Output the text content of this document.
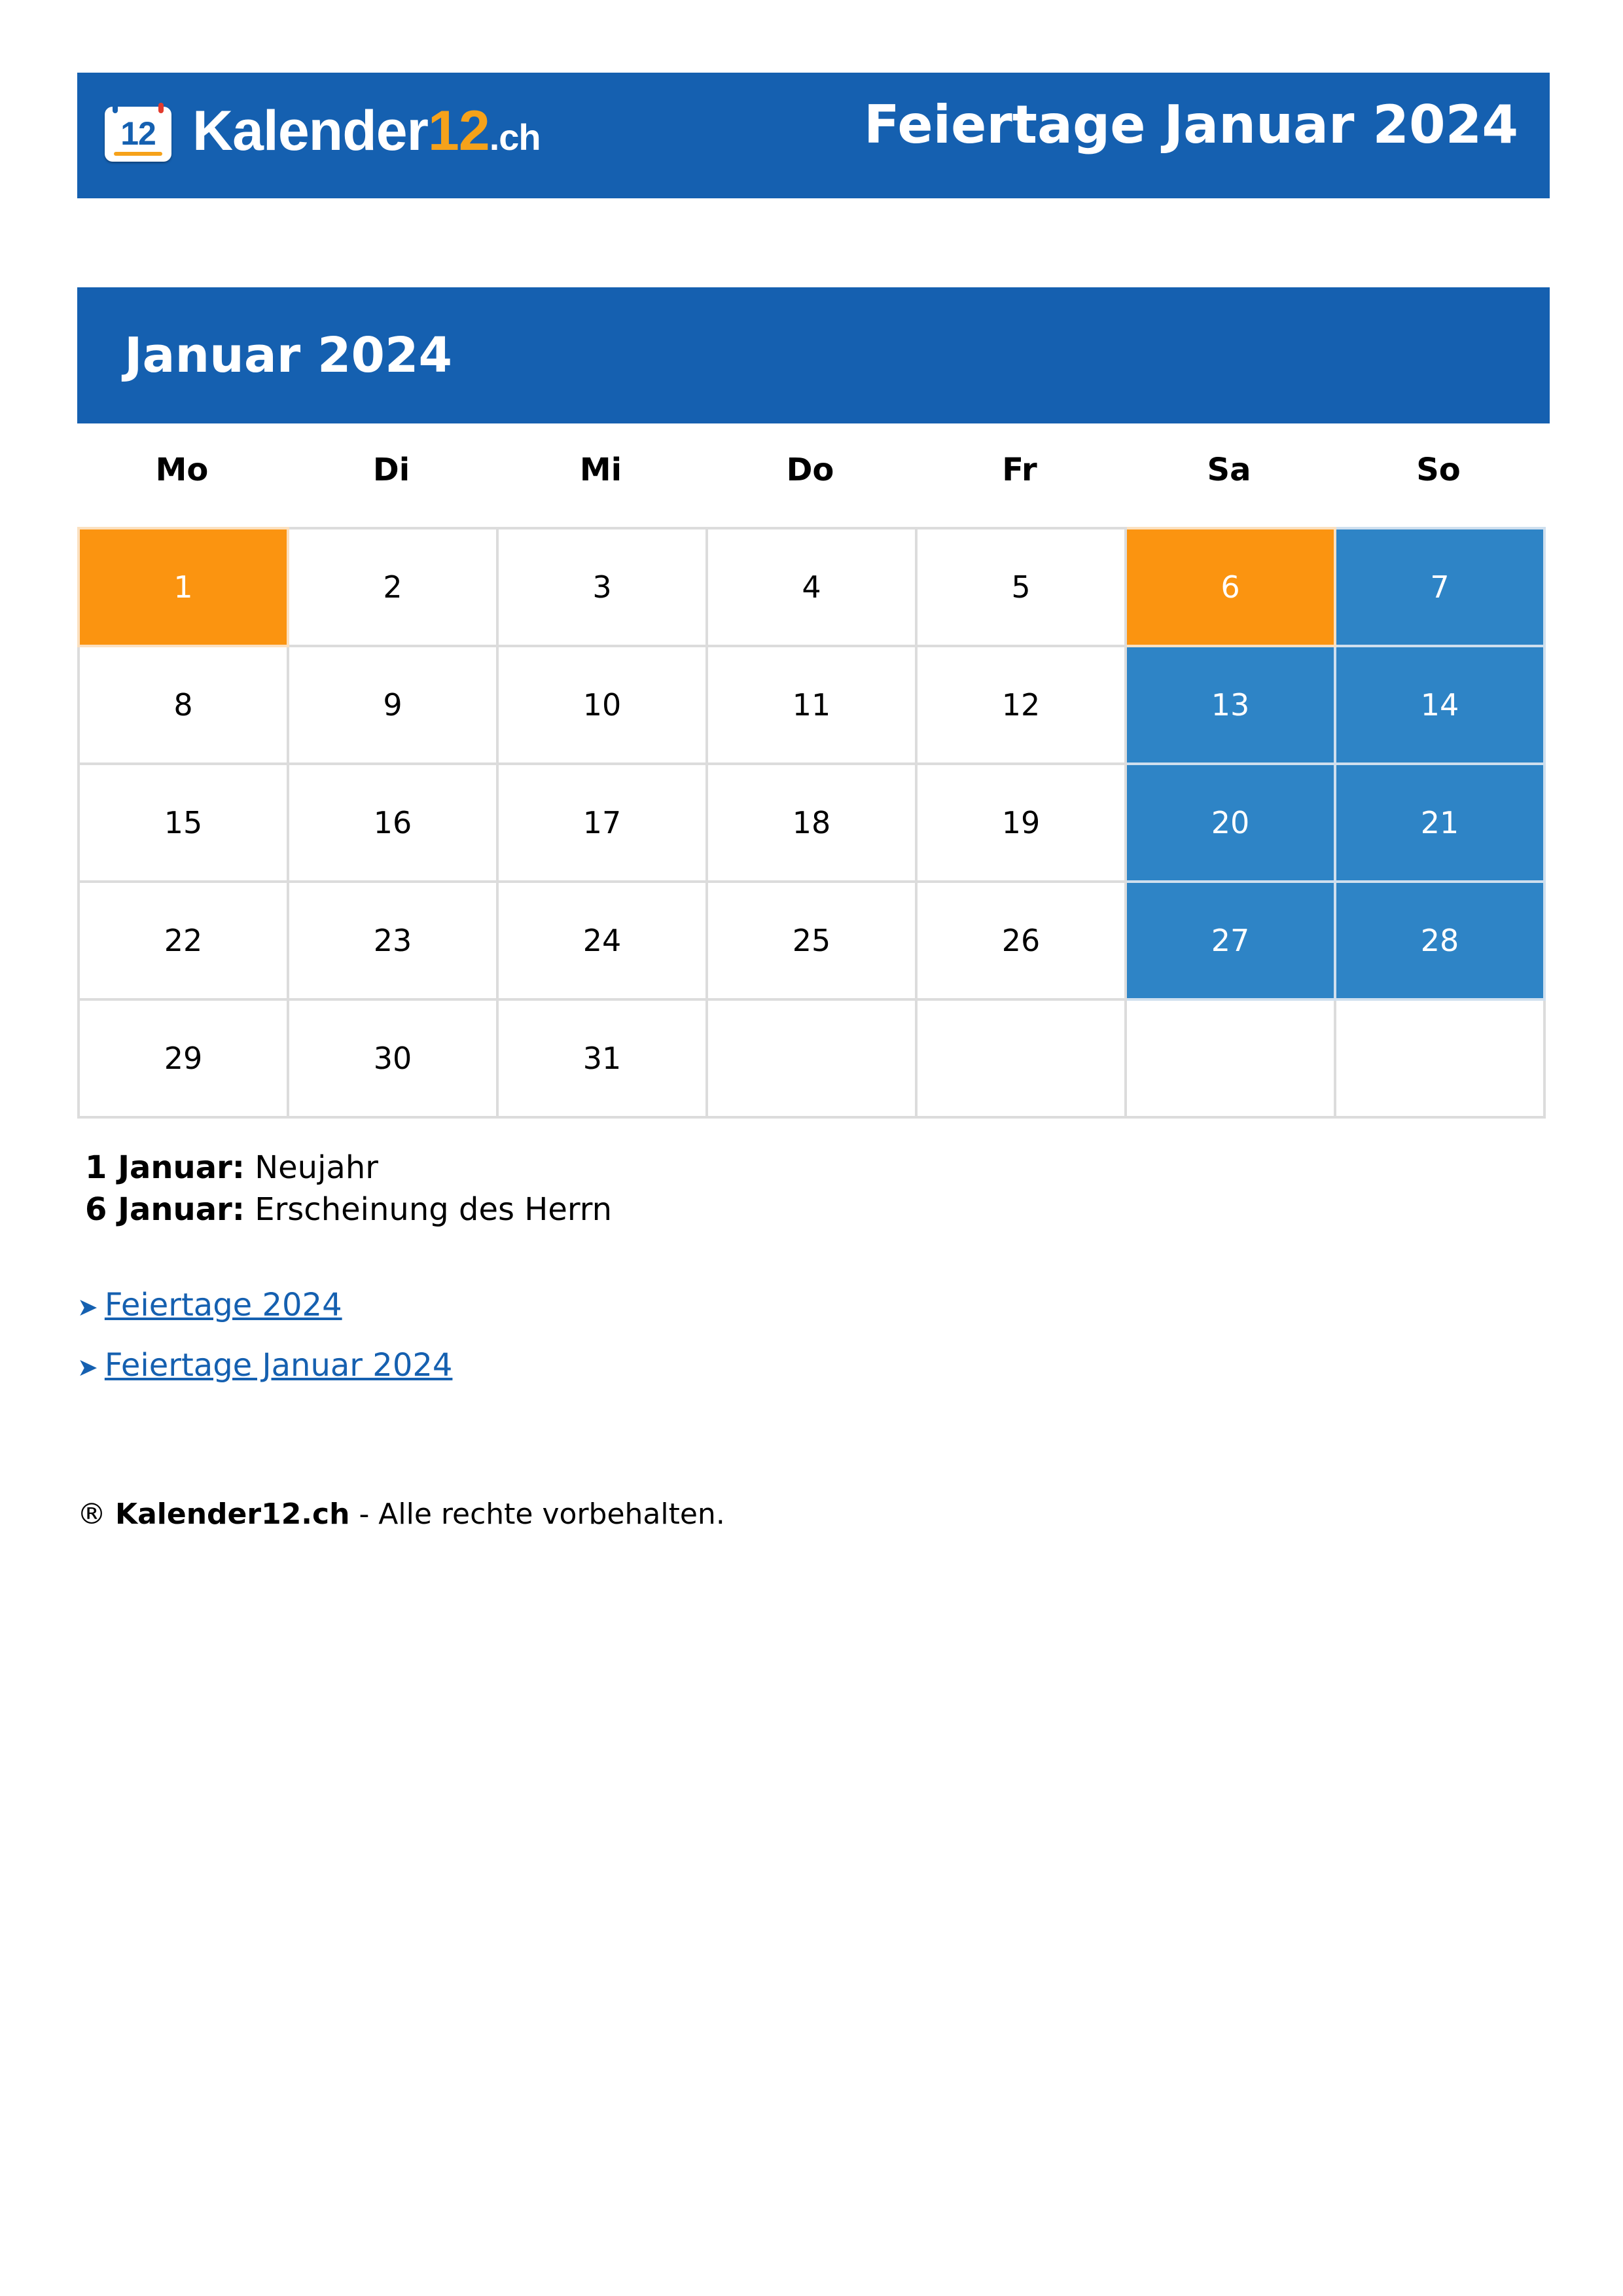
12 Kalender12.ch	Feiertage Januar 2024
Januar 2024
Mo	Di	Mi	Do	Fr	Sa	So
1	2	3	4	5	6	7
8	9	10	11	12	13	14
15	16	17	18	19	20	21
22	23	24	25	26	27	28
29	30	31				
1 Januar: Neujahr
6 Januar: Erscheinung des Herrn
➤ Feiertage 2024
➤ Feiertage Januar 2024
® Kalender12.ch - Alle rechte vorbehalten.
